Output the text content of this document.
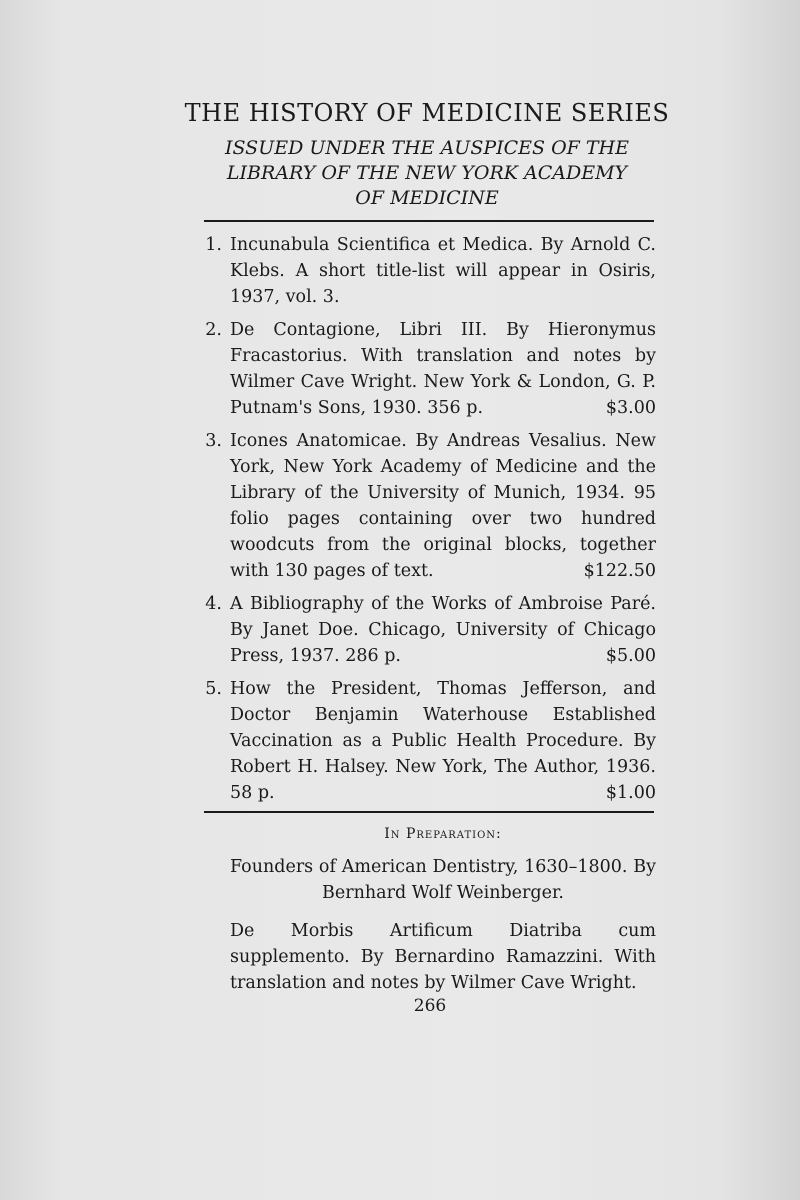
THE HISTORY OF MEDICINE SERIES
ISSUED UNDER THE AUSPICES OF THE
LIBRARY OF THE NEW YORK ACADEMY
OF MEDICINE
1. Incunabula Scientifica et Medica. By Arnold C. Klebs. A short title-list will appear in Osiris, 1937, vol. 3.
2. De Contagione, Libri III. By Hieronymus Fracastorius. With translation and notes by Wilmer Cave Wright. New York & London, G. P. Putnam's Sons, 1930. 356 p.	$3.00
3. Icones Anatomicae. By Andreas Vesalius. New York, New York Academy of Medicine and the Library of the University of Munich, 1934. 95 folio pages containing over two hundred woodcuts from the original blocks, together with 130 pages of text.	$122.50
4. A Bibliography of the Works of Ambroise Paré. By Janet Doe. Chicago, University of Chicago Press, 1937. 286 p.	$5.00
5. How the President, Thomas Jefferson, and Doctor Benjamin Waterhouse Established Vaccination as a Public Health Procedure. By Robert H. Halsey. New York, The Author, 1936. 58 p.	$1.00
In Preparation:
Founders of American Dentistry, 1630–1800. By Bernhard Wolf Weinberger.
De Morbis Artificum Diatriba cum supplemento. By Bernardino Ramazzini. With translation and notes by Wilmer Cave Wright.
266
